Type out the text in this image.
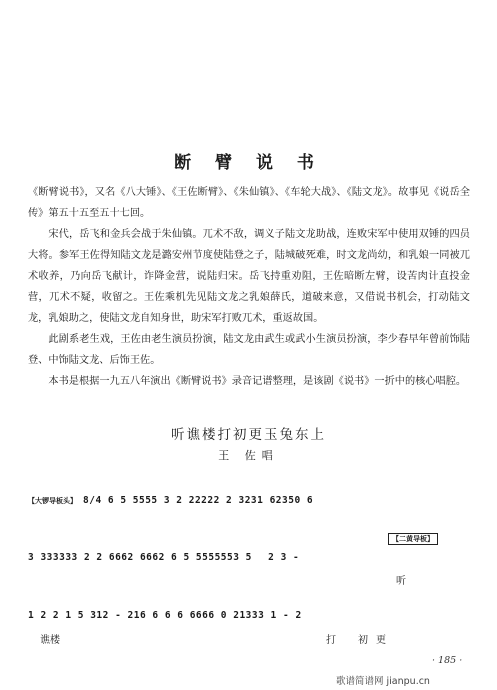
断 臂 说 书

《断臂说书》，又名《八大锤》、《王佐断臂》、《朱仙镇》、《车轮大战》、《陆文龙》。故事见《说岳全传》第五十五至五十七回。

宋代，岳飞和金兵会战于朱仙镇。兀术不敌，调义子陆文龙助战，连败宋军中使用双锤的四员大将。参军王佐得知陆文龙是潞安州节度使陆登之子，陆城破死难，时文龙尚幼，和乳娘一同被兀术收养，乃向岳飞献计，诈降金营，说陆归宋。岳飞持重劝阻，王佐暗断左臂，设苦肉计直投金营，兀术不疑，收留之。王佐乘机先见陆文龙之乳娘薛氏，道破来意，又借说书机会，打动陆文龙，乳娘助之，使陆文龙自知身世，助宋军打败兀术，重返故国。

此剧系老生戏，王佐由老生演员扮演，陆文龙由武生或武小生演员扮演，李少春早年曾前饰陆登、中饰陆文龙、后饰王佐。

本书是根据一九五八年演出《断臂说书》录音记谱整理，是该剧《说书》一折中的核心唱腔。

听谯楼打初更玉兔东上
王 佐唱
【大锣导板头】 8/4 6 5 5555 3 2 22222 2 3231 62350 6
【二黄导板】
3 333333 2 2 6662 6662 6 5 5555553 5 2 3 -
听
1 2 2 1 5 312 - 216 6 6 6 6666 0 21333 1 - 2
谯楼	打 初 更
· 185 ·
歌谱简谱网 jianpu.cn
